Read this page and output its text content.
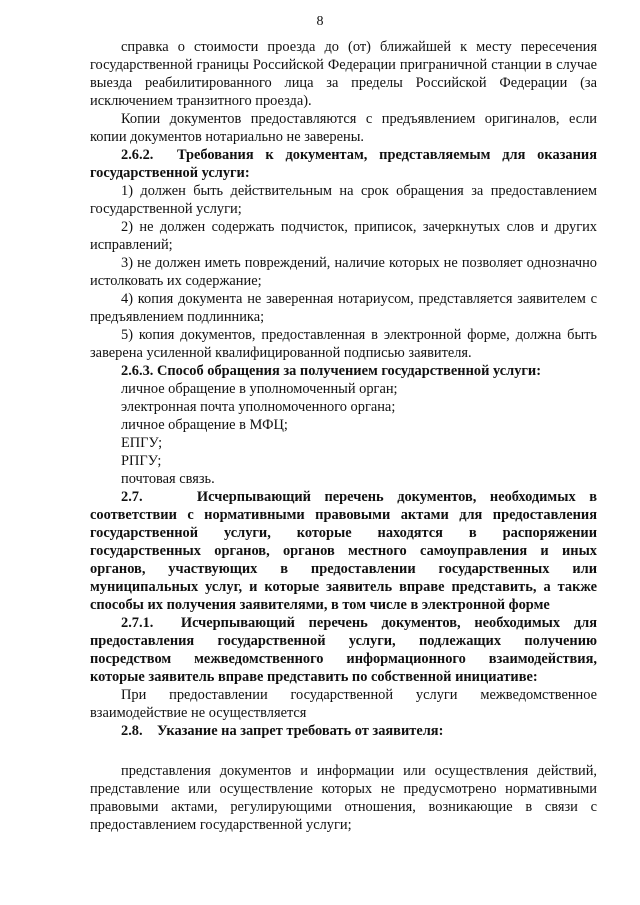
8

справка о стоимости проезда до (от) ближайшей к месту пересечения государственной границы Российской Федерации приграничной станции в случае выезда реабилитированного лица за пределы Российской Федерации (за исключением транзитного проезда).

Копии документов предоставляются с предъявлением оригиналов, если копии документов нотариально не заверены.

2.6.2. Требования к документам, представляемым для оказания государственной услуги:

1) должен быть действительным на срок обращения за предоставлением государственной услуги;

2) не должен содержать подчисток, приписок, зачеркнутых слов и других исправлений;

3) не должен иметь повреждений, наличие которых не позволяет однозначно истолковать их содержание;

4) копия документа не заверенная нотариусом, представляется заявителем с предъявлением подлинника;

5) копия документов, предоставленная в электронной форме, должна быть заверена усиленной квалифицированной подписью заявителя.

2.6.3. Способ обращения за получением государственной услуги:

личное обращение в уполномоченный орган;

электронная почта уполномоченного органа;

личное обращение в МФЦ;

ЕПГУ;

РПГУ;

почтовая связь.

2.7.	Исчерпывающий перечень документов, необходимых в соответствии с нормативными правовыми актами для предоставления государственной услуги, которые находятся в распоряжении государственных органов, органов местного самоуправления и иных органов, участвующих в предоставлении государственных или муниципальных услуг, и которые заявитель вправе представить, а также способы их получения заявителями, в том числе в электронной форме

2.7.1. Исчерпывающий перечень документов, необходимых для предоставления государственной услуги, подлежащих получению посредством межведомственного информационного взаимодействия, которые заявитель вправе представить по собственной инициативе:

При предоставлении государственной услуги межведомственное взаимодействие не осуществляется

2.8. Указание на запрет требовать от заявителя:

представления документов и информации или осуществления действий, представление или осуществление которых не предусмотрено нормативными правовыми актами, регулирующими отношения, возникающие в связи с предоставлением государственной услуги;
